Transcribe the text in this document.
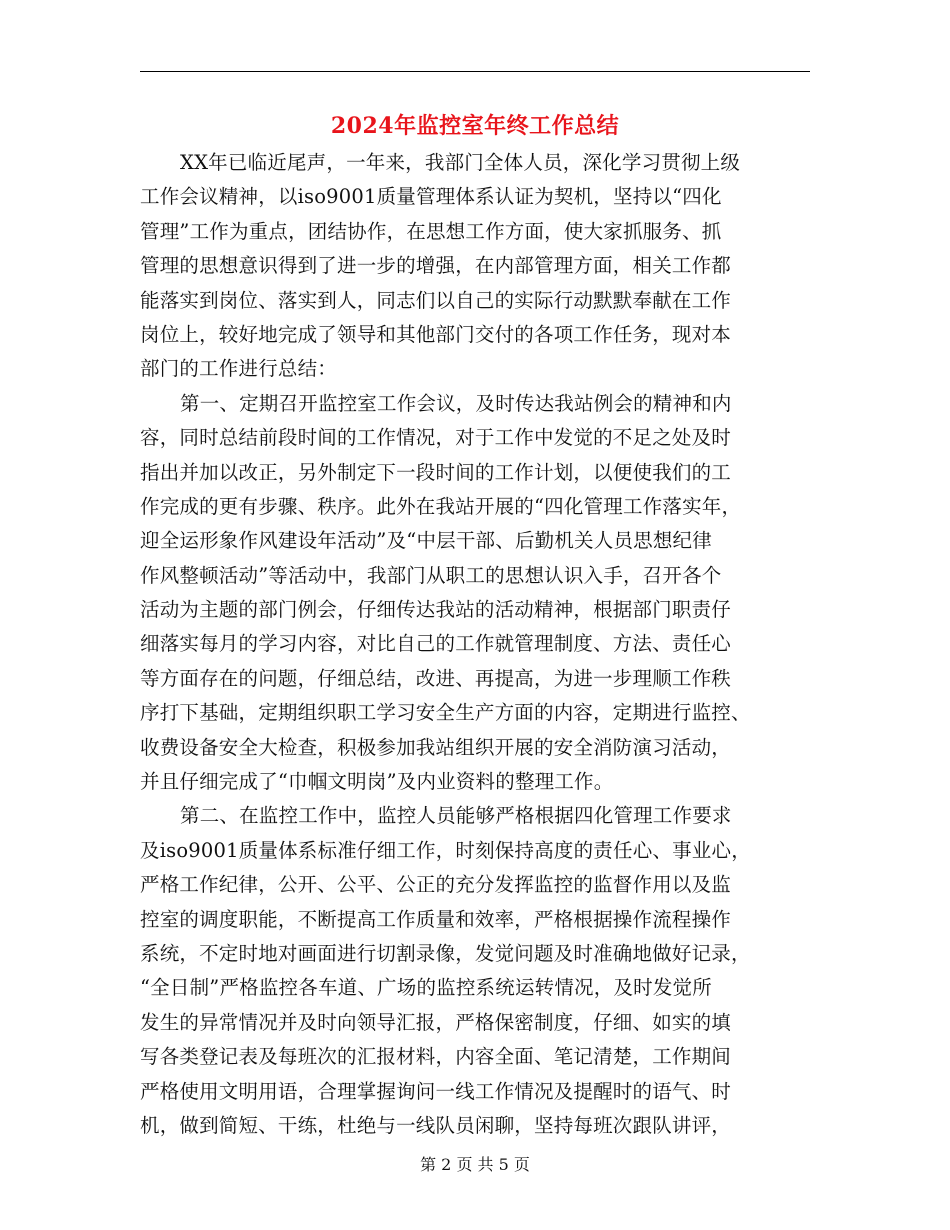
2024年监控室年终工作总结
XX年已临近尾声，一年来，我部门全体人员，深化学习贯彻上级
工作会议精神，以iso9001质量管理体系认证为契机，坚持以“四化
管理”工作为重点，团结协作，在思想工作方面，使大家抓服务、抓
管理的思想意识得到了进一步的增强，在内部管理方面，相关工作都
能落实到岗位、落实到人，同志们以自己的实际行动默默奉献在工作
岗位上，较好地完成了领导和其他部门交付的各项工作任务，现对本
部门的工作进行总结：
第一、定期召开监控室工作会议，及时传达我站例会的精神和内
容，同时总结前段时间的工作情况，对于工作中发觉的不足之处及时
指出并加以改正，另外制定下一段时间的工作计划，以便使我们的工
作完成的更有步骤、秩序。此外在我站开展的“四化管理工作落实年，
迎全运形象作风建设年活动”及“中层干部、后勤机关人员思想纪律
作风整顿活动”等活动中，我部门从职工的思想认识入手，召开各个
活动为主题的部门例会，仔细传达我站的活动精神，根据部门职责仔
细落实每月的学习内容，对比自己的工作就管理制度、方法、责任心
等方面存在的问题，仔细总结，改进、再提高，为进一步理顺工作秩
序打下基础，定期组织职工学习安全生产方面的内容，定期进行监控、
收费设备安全大检查，积极参加我站组织开展的安全消防演习活动，
并且仔细完成了“巾帼文明岗”及内业资料的整理工作。
第二、在监控工作中，监控人员能够严格根据四化管理工作要求
及iso9001质量体系标准仔细工作，时刻保持高度的责任心、事业心，
严格工作纪律，公开、公平、公正的充分发挥监控的监督作用以及监
控室的调度职能，不断提高工作质量和效率，严格根据操作流程操作
系统，不定时地对画面进行切割录像，发觉问题及时准确地做好记录，
“全日制”严格监控各车道、广场的监控系统运转情况，及时发觉所
发生的异常情况并及时向领导汇报，严格保密制度，仔细、如实的填
写各类登记表及每班次的汇报材料，内容全面、笔记清楚，工作期间
严格使用文明用语，合理掌握询问一线工作情况及提醒时的语气、时
机，做到简短、干练，杜绝与一线队员闲聊，坚持每班次跟队讲评，
第 2 页 共 5 页
